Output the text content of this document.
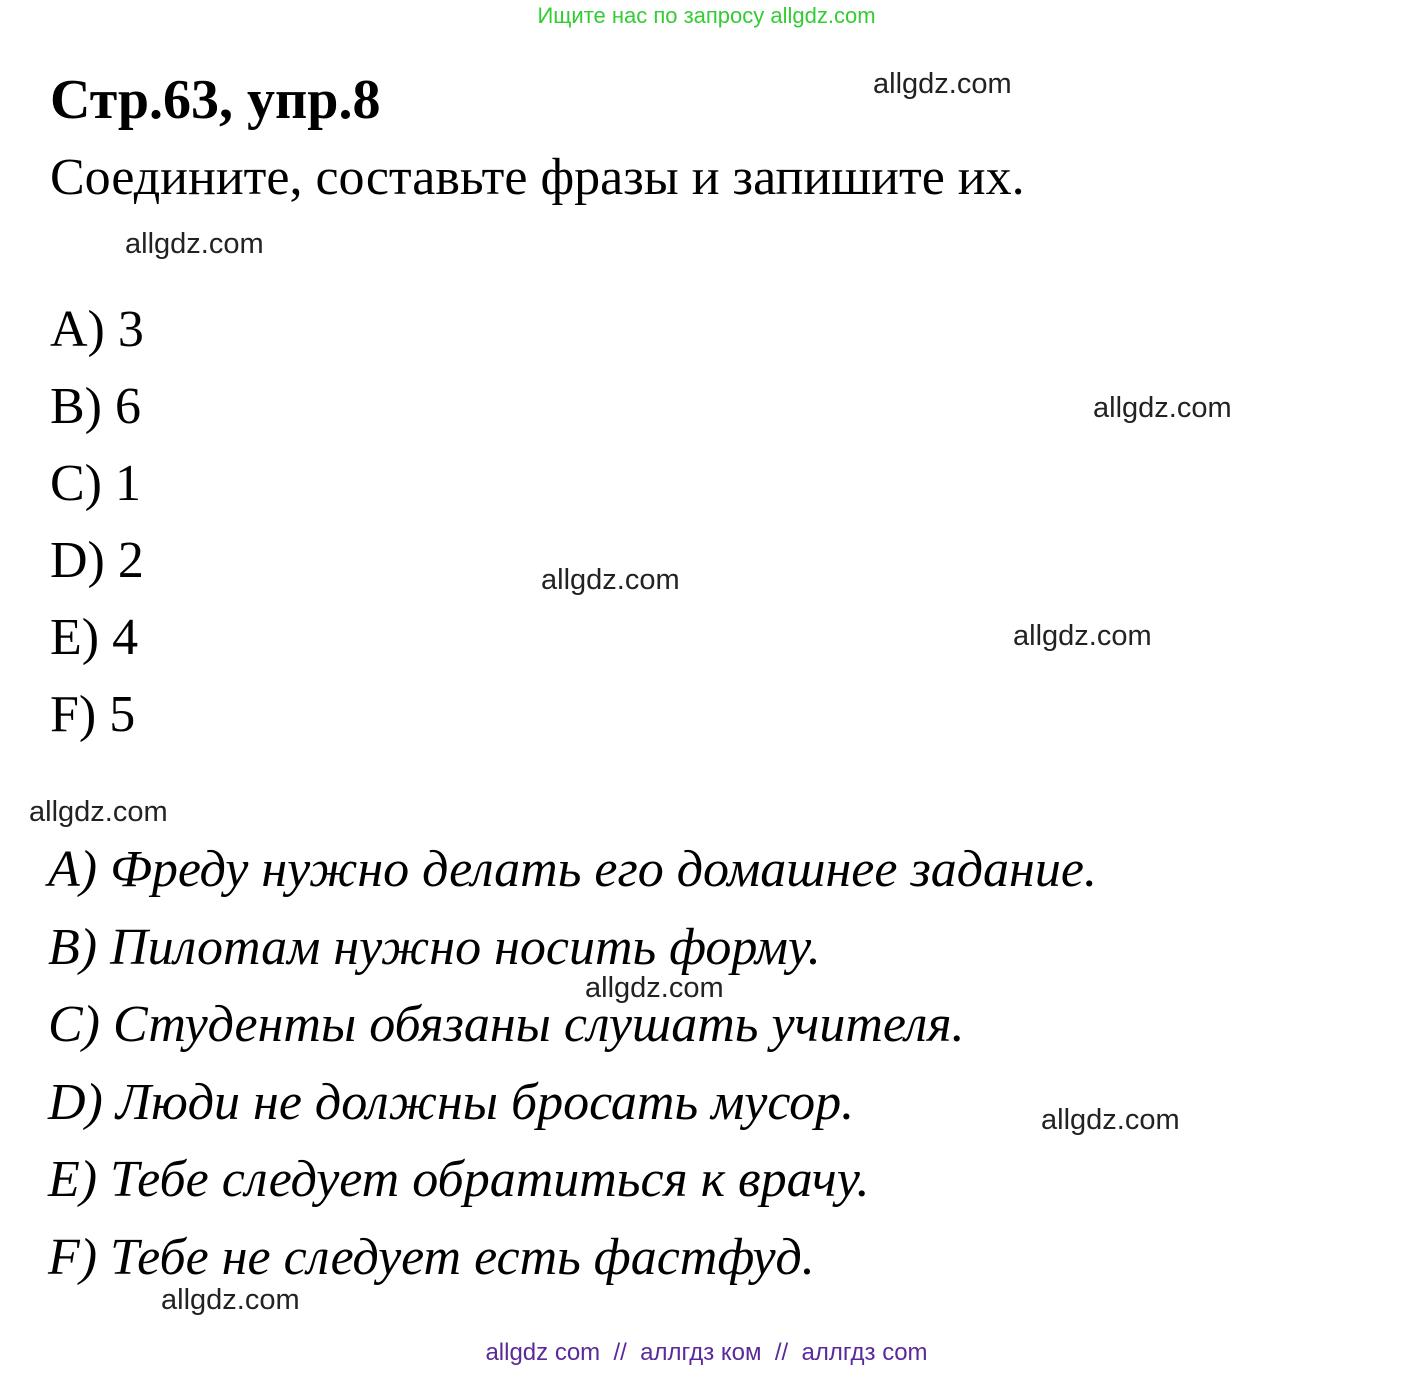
Ищите нас по запросу allgdz.com
Стр.63, упр.8

Соедините, составьте фразы и запишите их.

A) 3
B) 6
C) 1
D) 2
E) 4
F) 5
A) Фреду нужно делать его домашнее задание.
B) Пилотам нужно носить форму.
C) Студенты обязаны слушать учителя.
D) Люди не должны бросать мусор.
E) Тебе следует обратиться к врачу.
F) Тебе не следует есть фастфуд.
allgdz.com
allgdz.com
allgdz.com
allgdz.com
allgdz.com
allgdz.com
allgdz.com
allgdz.com
allgdz.com
allgdz com  //  аллгдз ком  //  аллгдз com
